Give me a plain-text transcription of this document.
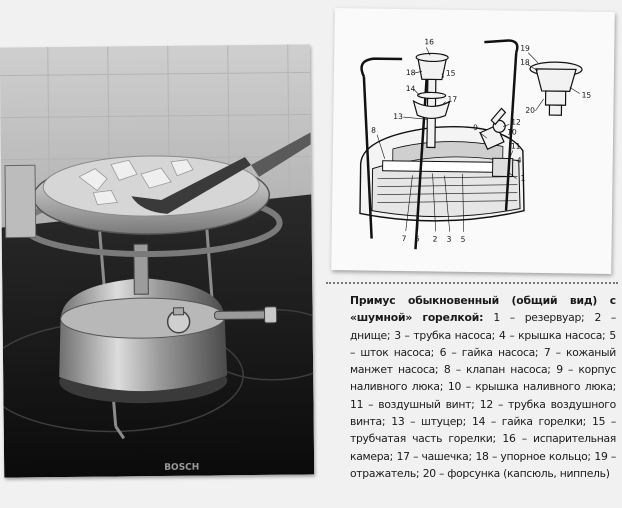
BOSCH
16
18
14
15
17
13
8	9
12
10
11
4
1
7 6 2 3 5
19
18
20
15
Примус обыкновенный (общий вид) с «шумной» горелкой: 1 – резервуар; 2 – днище; 3 – трубка насоса; 4 – крышка насоса; 5 – шток насоса; 6 – гайка насоса; 7 – кожаный манжет насоса; 8 – клапан насоса; 9 – корпус наливного люка; 10 – крышка наливного люка; 11 – воздушный винт; 12 – трубка воздушного винта; 13 – штуцер; 14 – гайка горелки; 15 – трубчатая часть горелки; 16 – испарительная камера; 17 – чашечка; 18 – упорное кольцо; 19 – отражатель; 20 – форсунка (капсюль, ниппель)
